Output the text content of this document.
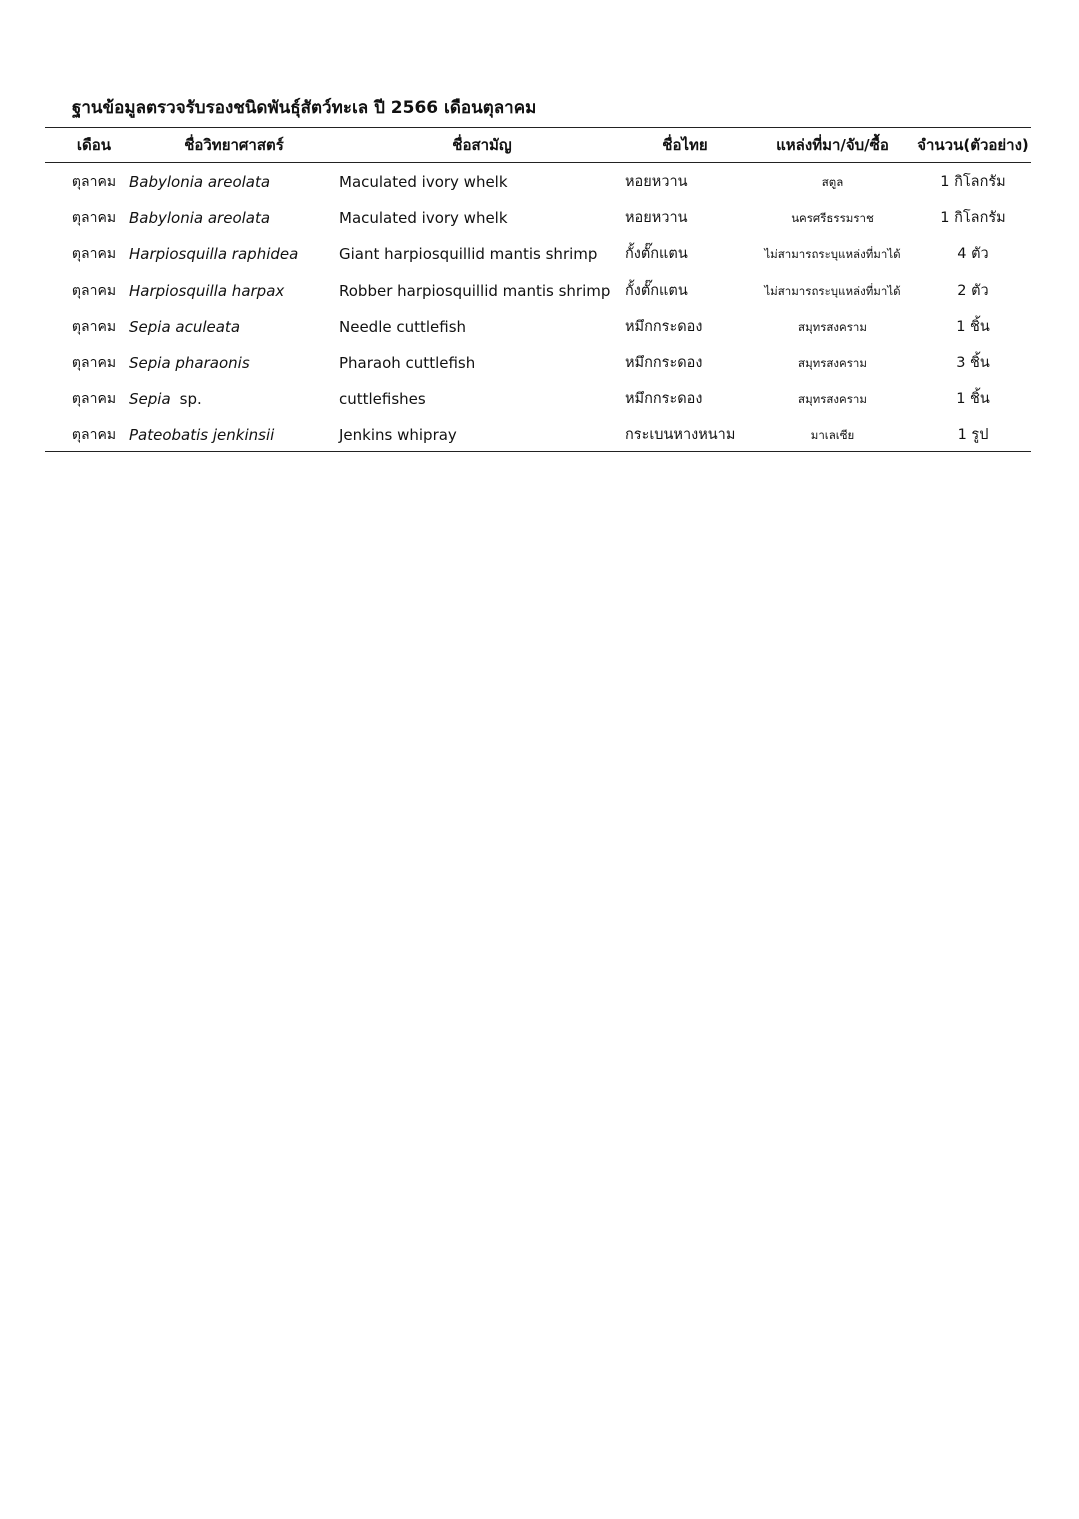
ฐานข้อมูลตรวจรับรองชนิดพันธุ์สัตว์ทะเล ปี 2566 เดือนตุลาคม
เดือน	ชื่อวิทยาศาสตร์	ชื่อสามัญ	ชื่อไทย	แหล่งที่มา/จับ/ซื้อ	จำนวน(ตัวอย่าง)
ตุลาคม Babylonia areolata	Maculated ivory whelk	หอยหวาน	สตูล	1 กิโลกรัม
ตุลาคม Babylonia areolata	Maculated ivory whelk	หอยหวาน	นครศรีธรรมราช	1 กิโลกรัม
ตุลาคม Harpiosquilla raphidea	Giant harpiosquillid mantis shrimp	กั้งตั๊กแตน	ไม่สามารถระบุแหล่งที่มาได้	4 ตัว
ตุลาคม Harpiosquilla harpax	Robber harpiosquillid mantis shrimp	กั้งตั๊กแตน	ไม่สามารถระบุแหล่งที่มาได้	2 ตัว
ตุลาคม Sepia aculeata	Needle cuttlefish	หมึกกระดอง	สมุทรสงคราม	1 ชิ้น
ตุลาคม Sepia pharaonis	Pharaoh cuttlefish	หมึกกระดอง	สมุทรสงคราม	3 ชิ้น
ตุลาคม Sepia sp.	cuttlefishes	หมึกกระดอง	สมุทรสงคราม	1 ชิ้น
ตุลาคม Pateobatis jenkinsii	Jenkins whipray	กระเบนหางหนาม	มาเลเซีย	1 รูป
